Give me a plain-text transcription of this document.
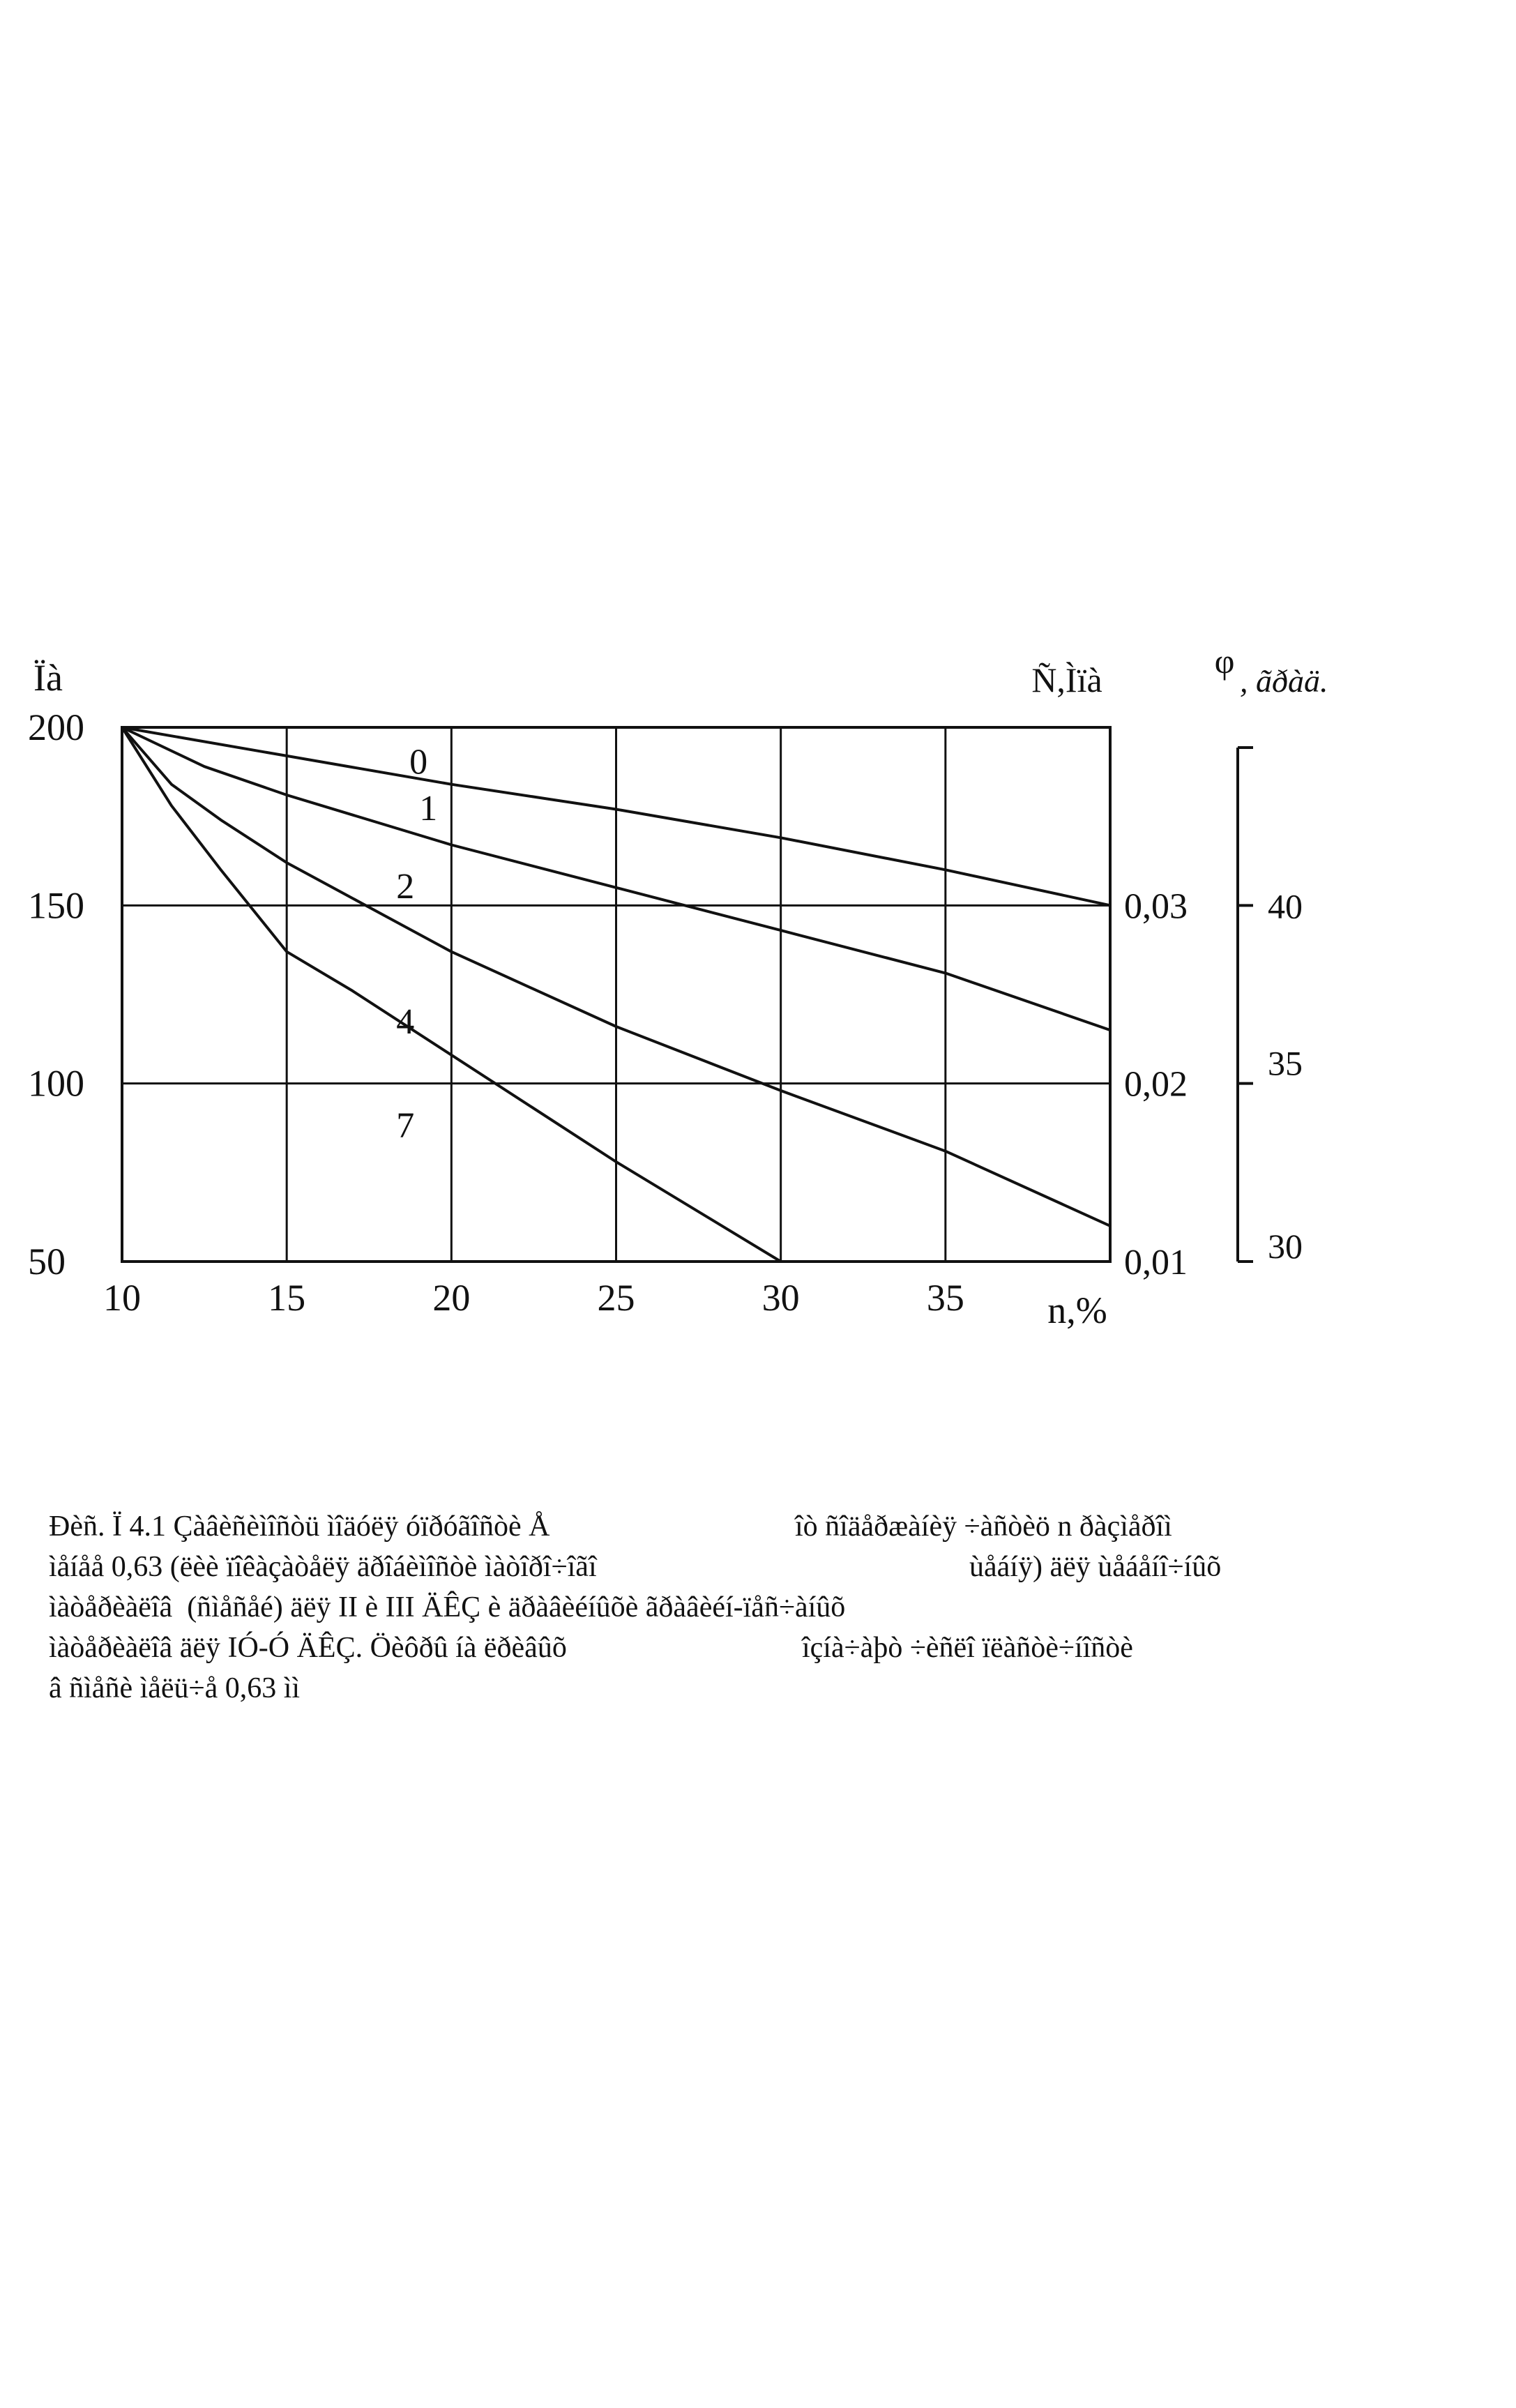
0
1
2
4
7
200
150
100
50
10	15	20	25	30	35 n,%
Ïà	Ñ,Ìïà	φ
, ãðàä.
0,03
0,02
0,01
40
35
30
Ðèñ. Ï 4.1 Çàâèñèìîñòü ìîäóëÿ óïðóãîñòè Å	îò ñîäåðæàíèÿ ÷àñòèö n ðàçìåðîì
ìåíåå 0,63 (ëèè ïîêàçàòåëÿ äðîáèìîñòè ìàòîðî÷îãî	ùåáíÿ) äëÿ ùåáåíî÷íûõ
ìàòåðèàëîâ  (ñìåñåé) äëÿ II è III ÄÊÇ è äðàâèéíûõè ãðàâèéí-ïåñ÷àíûõ
ìàòåðèàëîâ äëÿ IÓ-Ó ÄÊÇ. Öèôðû íà ëðèâûõ	îçíà÷àþò ÷èñëî ïëàñòè÷íîñòè
â ñìåñè ìåëü÷å 0,63 ìì
